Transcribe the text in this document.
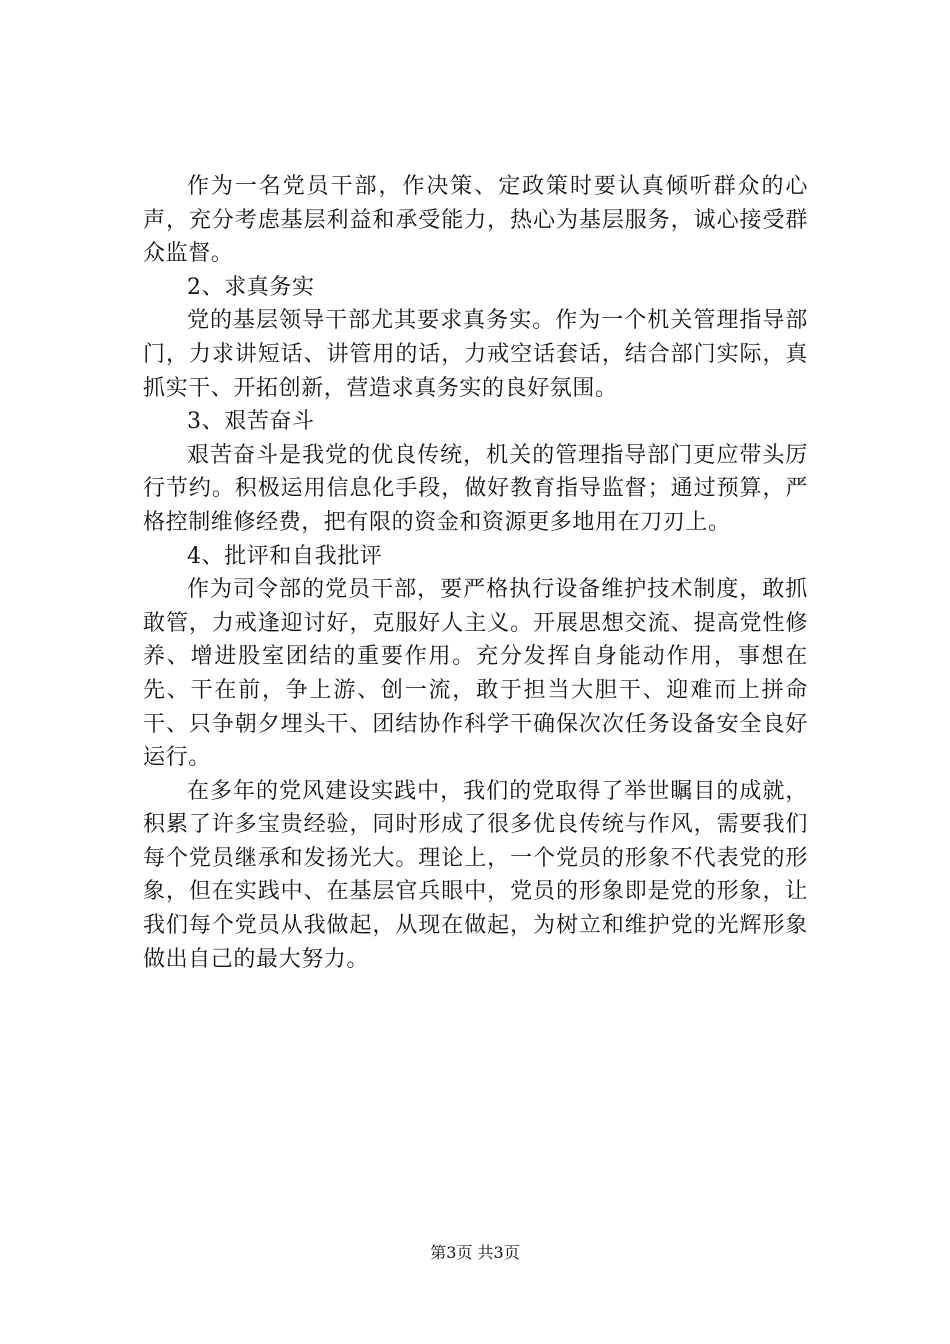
作为一名党员干部，作决策、定政策时要认真倾听群众的心声，充分考虑基层利益和承受能力，热心为基层服务，诚心接受群众监督。

2、求真务实

党的基层领导干部尤其要求真务实。作为一个机关管理指导部门，力求讲短话、讲管用的话，力戒空话套话，结合部门实际，真抓实干、开拓创新，营造求真务实的良好氛围。

3、艰苦奋斗

艰苦奋斗是我党的优良传统，机关的管理指导部门更应带头厉行节约。积极运用信息化手段，做好教育指导监督；通过预算，严格控制维修经费，把有限的资金和资源更多地用在刀刃上。

4、批评和自我批评

作为司令部的党员干部，要严格执行设备维护技术制度，敢抓敢管，力戒逢迎讨好，克服好人主义。开展思想交流、提高党性修养、增进股室团结的重要作用。充分发挥自身能动作用，事想在先、干在前，争上游、创一流，敢于担当大胆干、迎难而上拼命干、只争朝夕埋头干、团结协作科学干确保次次任务设备安全良好运行。

在多年的党风建设实践中，我们的党取得了举世瞩目的成就，积累了许多宝贵经验，同时形成了很多优良传统与作风，需要我们每个党员继承和发扬光大。理论上，一个党员的形象不代表党的形象，但在实践中、在基层官兵眼中，党员的形象即是党的形象，让我们每个党员从我做起，从现在做起，为树立和维护党的光辉形象做出自己的最大努力。

第3页 共3页
